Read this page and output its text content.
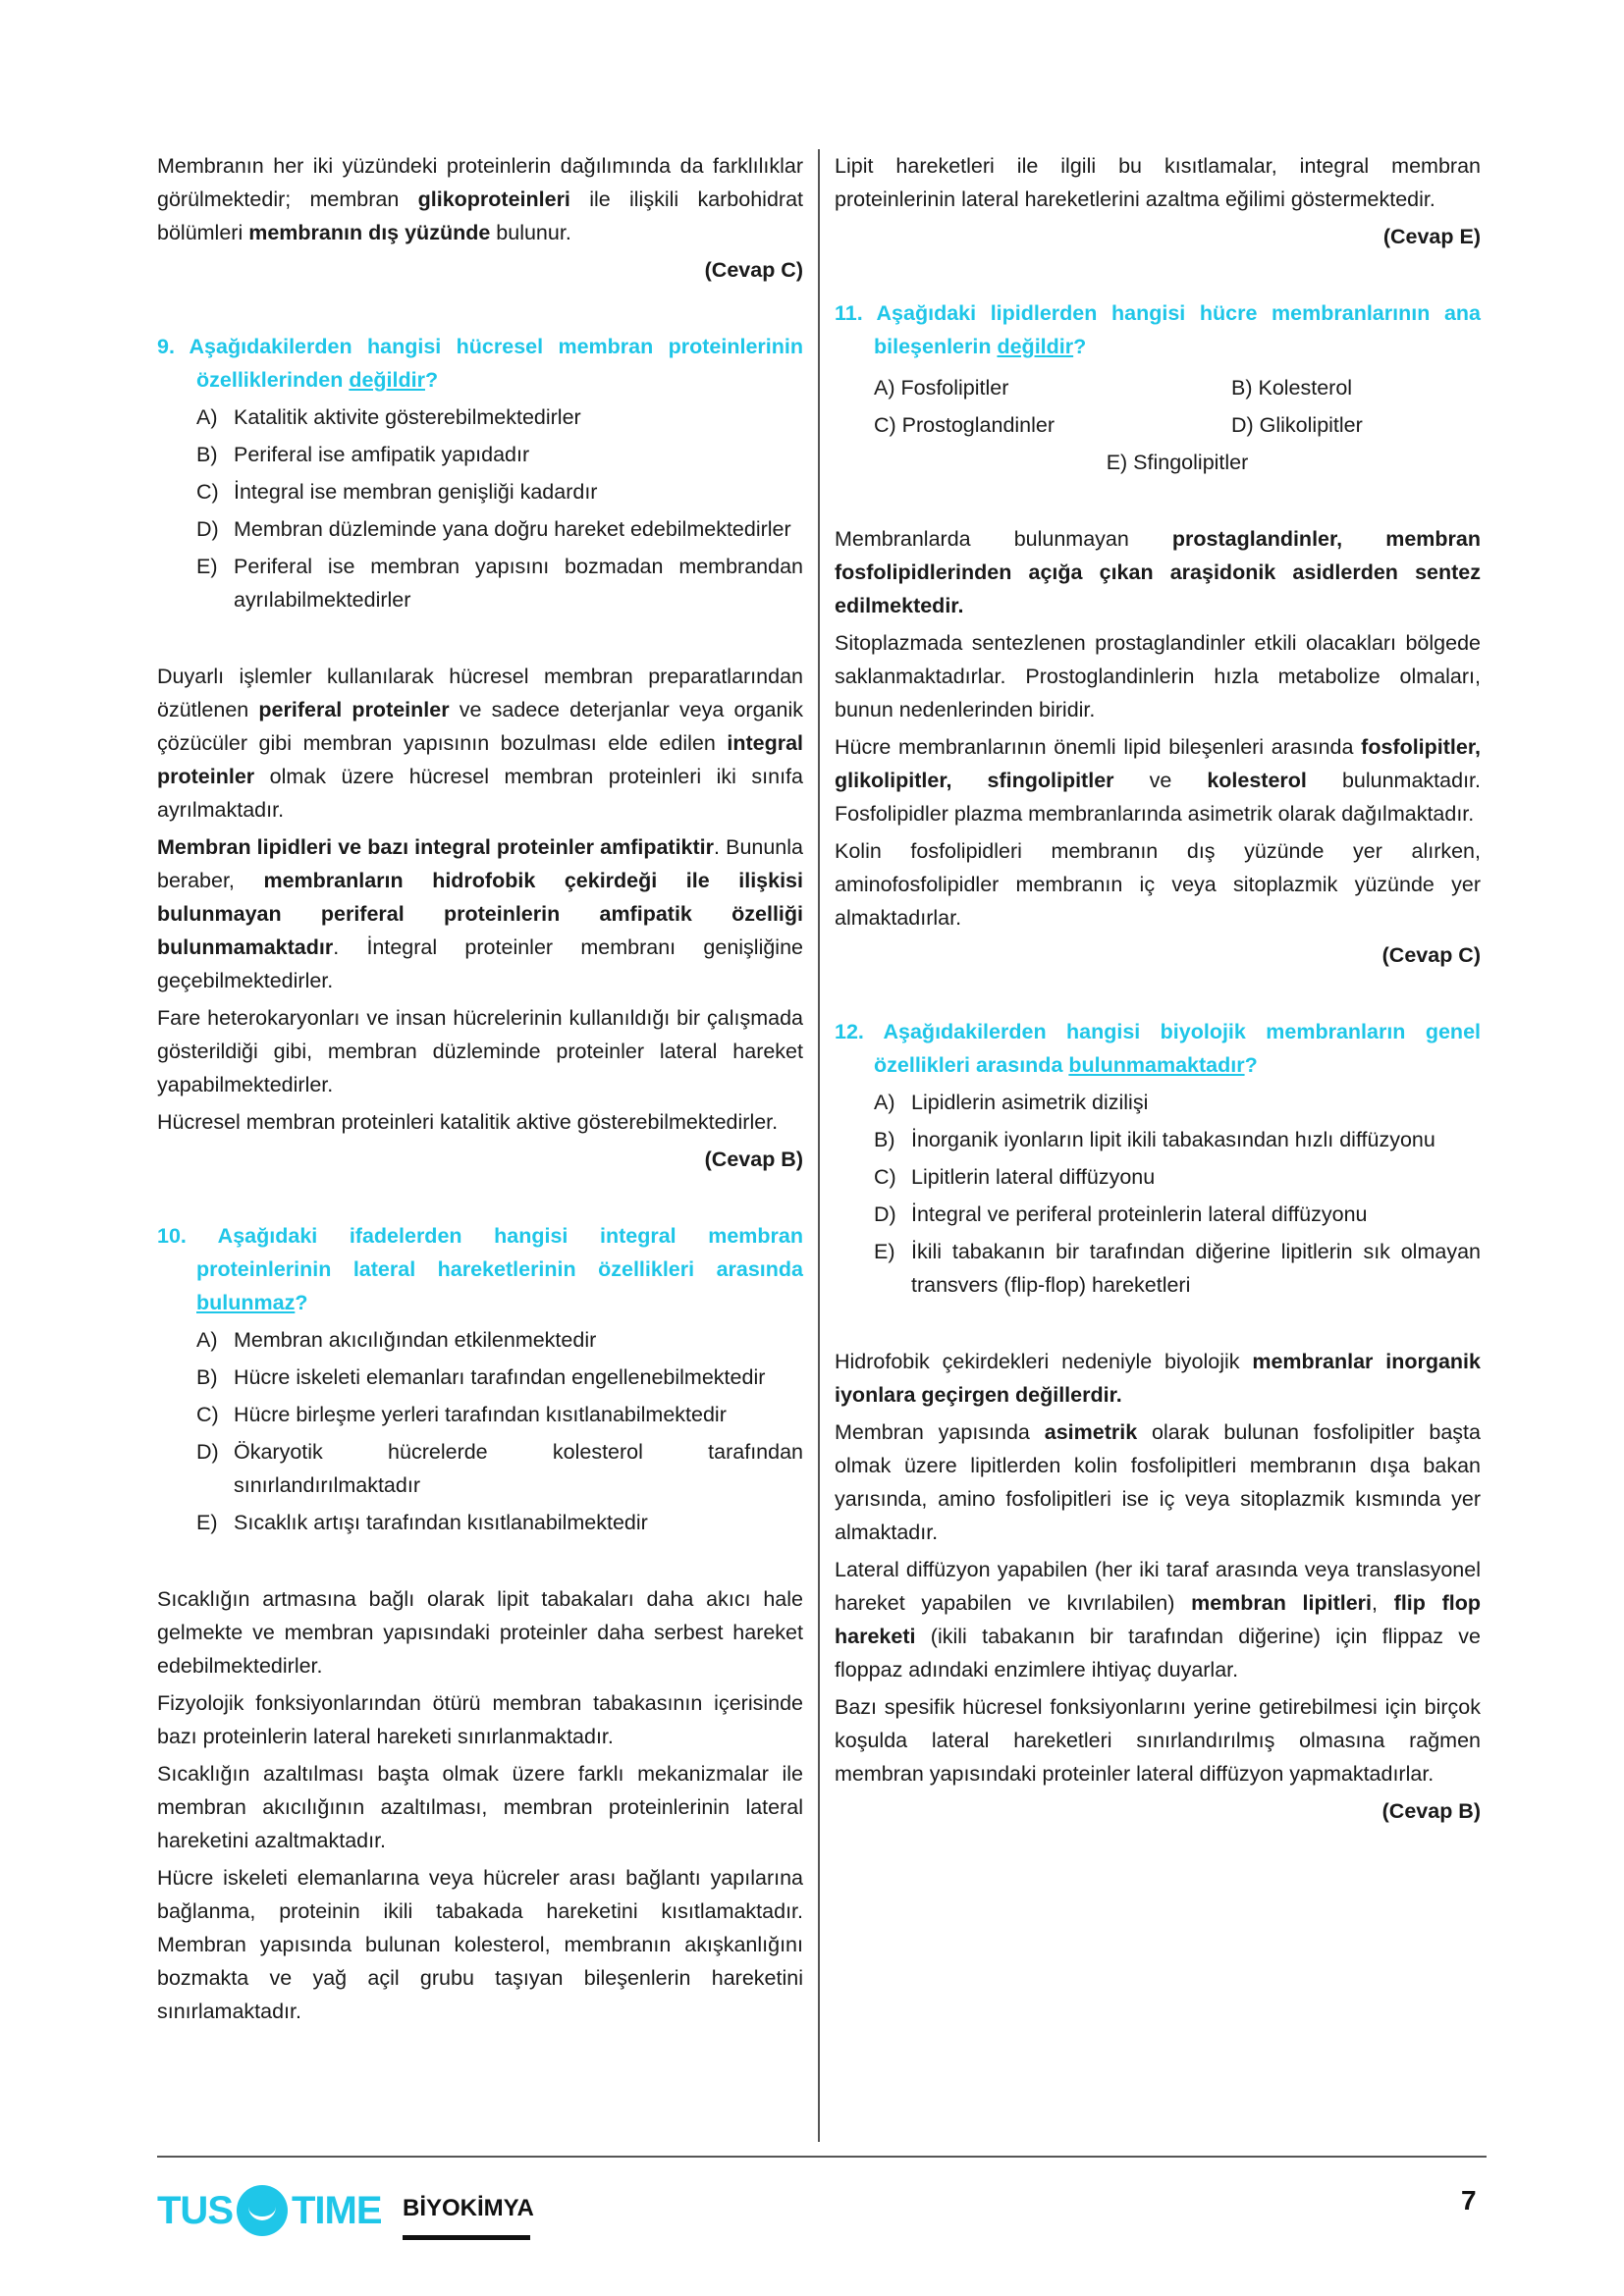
Membranın her iki yüzündeki proteinlerin dağılımında da farklılıklar görülmektedir; membran glikoproteinleri ile ilişkili karbohidrat bölümleri membranın dış yüzünde bulunur.

(Cevap C)

9. Aşağıdakilerden hangisi hücresel membran proteinlerinin özelliklerinden değildir?
A) Katalitik aktivite gösterebilmektedirler
B) Periferal ise amfipatik yapıdadır
C) İntegral ise membran genişliği kadardır
D) Membran düzleminde yana doğru hareket edebilmektedirler
E) Periferal ise membran yapısını bozmadan membrandan ayrılabilmektedirler

Duyarlı işlemler kullanılarak hücresel membran preparatlarından özütlenen periferal proteinler ve sadece deterjanlar veya organik çözücüler gibi membran yapısının bozulması elde edilen integral proteinler olmak üzere hücresel membran proteinleri iki sınıfa ayrılmaktadır.

Membran lipidleri ve bazı integral proteinler amfipatiktir. Bununla beraber, membranların hidrofobik çekirdeği ile ilişkisi bulunmayan periferal proteinlerin amfipatik özelliği bulunmamaktadır. İntegral proteinler membranı genişliğine geçebilmektedirler.

Fare heterokaryonları ve insan hücrelerinin kullanıldığı bir çalışmada gösterildiği gibi, membran düzleminde proteinler lateral hareket yapabilmektedirler.

Hücresel membran proteinleri katalitik aktive gösterebilmektedirler.

(Cevap B)

10. Aşağıdaki ifadelerden hangisi integral membran proteinlerinin lateral hareketlerinin özellikleri arasında bulunmaz?
A) Membran akıcılığından etkilenmektedir
B) Hücre iskeleti elemanları tarafından engellenebilmektedir
C) Hücre birleşme yerleri tarafından kısıtlanabilmektedir
D) Ökaryotik hücrelerde kolesterol tarafından sınırlandırılmaktadır
E) Sıcaklık artışı tarafından kısıtlanabilmektedir

Sıcaklığın artmasına bağlı olarak lipit tabakaları daha akıcı hale gelmekte ve membran yapısındaki proteinler daha serbest hareket edebilmektedirler.

Fizyolojik fonksiyonlarından ötürü membran tabakasının içerisinde bazı proteinlerin lateral hareketi sınırlanmaktadır.

Sıcaklığın azaltılması başta olmak üzere farklı mekanizmalar ile membran akıcılığının azaltılması, membran proteinlerinin lateral hareketini azaltmaktadır.

Hücre iskeleti elemanlarına veya hücreler arası bağlantı yapılarına bağlanma, proteinin ikili tabakada hareketini kısıtlamaktadır. Membran yapısında bulunan kolesterol, membranın akışkanlığını bozmakta ve yağ açil grubu taşıyan bileşenlerin hareketini sınırlamaktadır.

Lipit hareketleri ile ilgili bu kısıtlamalar, integral membran proteinlerinin lateral hareketlerini azaltma eğilimi göstermektedir.

(Cevap E)

11. Aşağıdaki lipidlerden hangisi hücre membranlarının ana bileşenlerin değildir?
A) Fosfolipitler	B) Kolesterol
C) Prostoglandinler	D) Glikolipitler
E) Sfingolipitler

Membranlarda bulunmayan prostaglandinler, membran fosfolipidlerinden açığa çıkan araşidonik asidlerden sentez edilmektedir.

Sitoplazmada sentezlenen prostaglandinler etkili olacakları bölgede saklanmaktadırlar. Prostoglandinlerin hızla metabolize olmaları, bunun nedenlerinden biridir.

Hücre membranlarının önemli lipid bileşenleri arasında fosfolipitler, glikolipitler, sfingolipitler ve kolesterol bulunmaktadır. Fosfolipidler plazma membranlarında asimetrik olarak dağılmaktadır.

Kolin fosfolipidleri membranın dış yüzünde yer alırken, aminofosfolipidler membranın iç veya sitoplazmik yüzünde yer almaktadırlar.

(Cevap C)

12. Aşağıdakilerden hangisi biyolojik membranların genel özellikleri arasında bulunmamaktadır?
A) Lipidlerin asimetrik dizilişi
B) İnorganik iyonların lipit ikili tabakasından hızlı diffüzyonu
C) Lipitlerin lateral diffüzyonu
D) İntegral ve periferal proteinlerin lateral diffüzyonu
E) İkili tabakanın bir tarafından diğerine lipitlerin sık olmayan transvers (flip-flop) hareketleri

Hidrofobik çekirdekleri nedeniyle biyolojik membranlar inorganik iyonlara geçirgen değillerdir.

Membran yapısında asimetrik olarak bulunan fosfolipitler başta olmak üzere lipitlerden kolin fosfolipitleri membranın dışa bakan yarısında, amino fosfolipitleri ise iç veya sitoplazmik kısmında yer almaktadır.

Lateral diffüzyon yapabilen (her iki taraf arasında veya translasyonel hareket yapabilen ve kıvrılabilen) membran lipitleri, flip flop hareketi (ikili tabakanın bir tarafından diğerine) için flippaz ve floppaz adındaki enzimlere ihtiyaç duyarlar.

Bazı spesifik hücresel fonksiyonlarını yerine getirebilmesi için birçok koşulda lateral hareketleri sınırlandırılmış olmasına rağmen membran yapısındaki proteinler lateral diffüzyon yapmaktadırlar.

(Cevap B)

TUS TIME BİYOKİMYA	7
